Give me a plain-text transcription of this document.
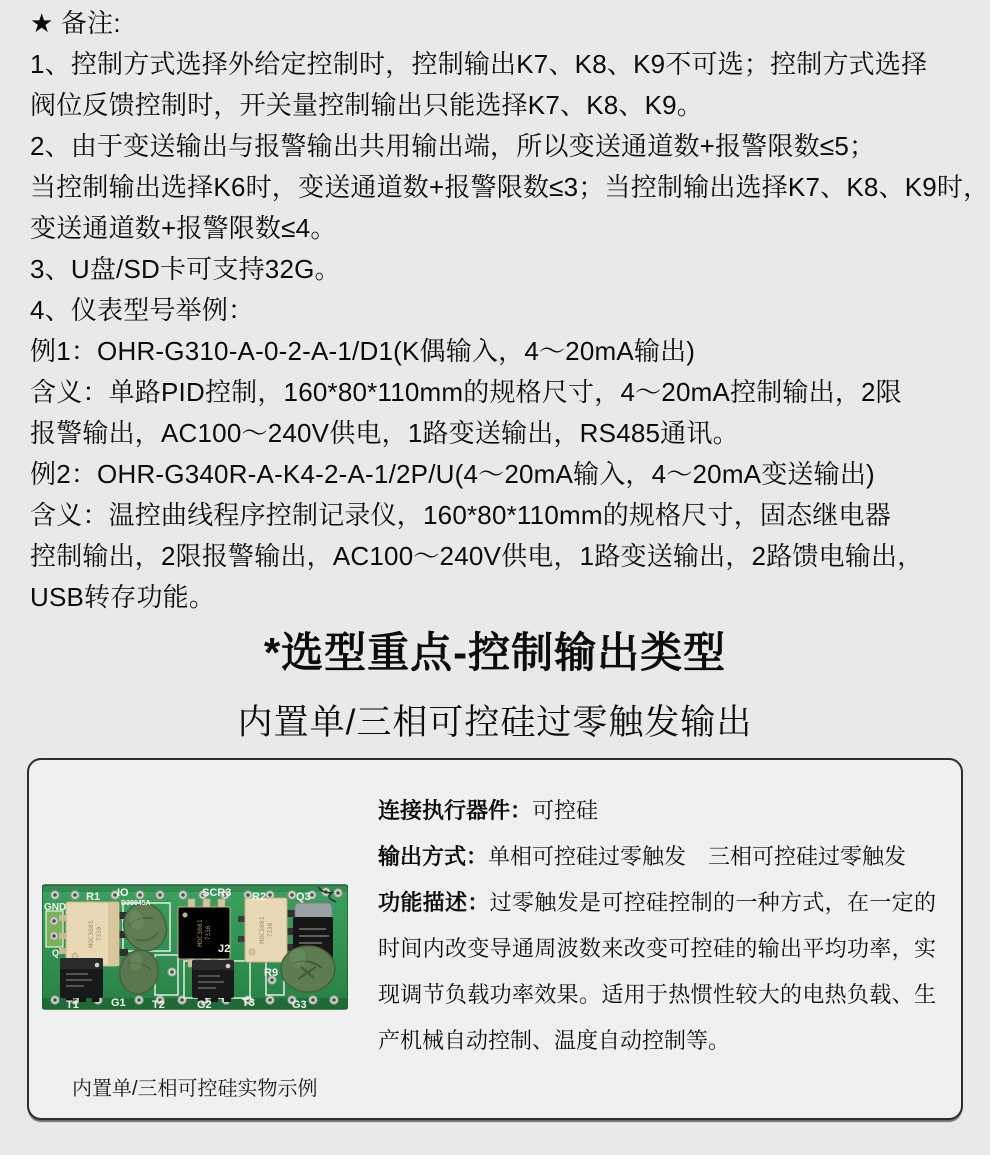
★ 备注:
1、控制方式选择外给定控制时，控制输出K7、K8、K9不可选；控制方式选择
阀位反馈控制时，开关量控制输出只能选择K7、K8、K9。
2、由于变送输出与报警输出共用输出端，所以变送通道数+报警限数≤5；
当控制输出选择K6时，变送通道数+报警限数≤3；当控制输出选择K7、K8、K9时，
变送通道数+报警限数≤4。
3、U盘/SD卡可支持32G。
4、仪表型号举例：
例1：OHR-G310-A-0-2-A-1/D1(K偶输入，4～20mA输出)
含义：单路PID控制，160*80*110mm的规格尺寸，4～20mA控制输出，2限
报警输出，AC100～240V供电，1路变送输出，RS485通讯。
例2：OHR-G340R-A-K4-2-A-1/2P/U(4～20mA输入，4～20mA变送输出)
含义：温控曲线程序控制记录仪，160*80*110mm的规格尺寸，固态继电器
控制输出，2限报警输出，AC100～240V供电，1路变送输出，2路馈电输出，
USB转存功能。
*选型重点-控制输出类型
内置单/三相可控硅过零触发输出
MOC3081 7330	MOC3081 7330	MOC3081 7330
GND
R1 IO
D39845A
SCR3 R2	Q3
Q	J2
R9
T1	G1 T2	G2	T3	G3

连接执行器件：可控硅

输出方式：单相可控硅过零触发　三相可控硅过零触发

功能描述：过零触发是可控硅控制的一种方式，在一定的时间内改变导通周波数来改变可控硅的输出平均功率，实现调节负载功率效果。适用于热惯性较大的电热负载、生产机械自动控制、温度自动控制等。

内置单/三相可控硅实物示例
